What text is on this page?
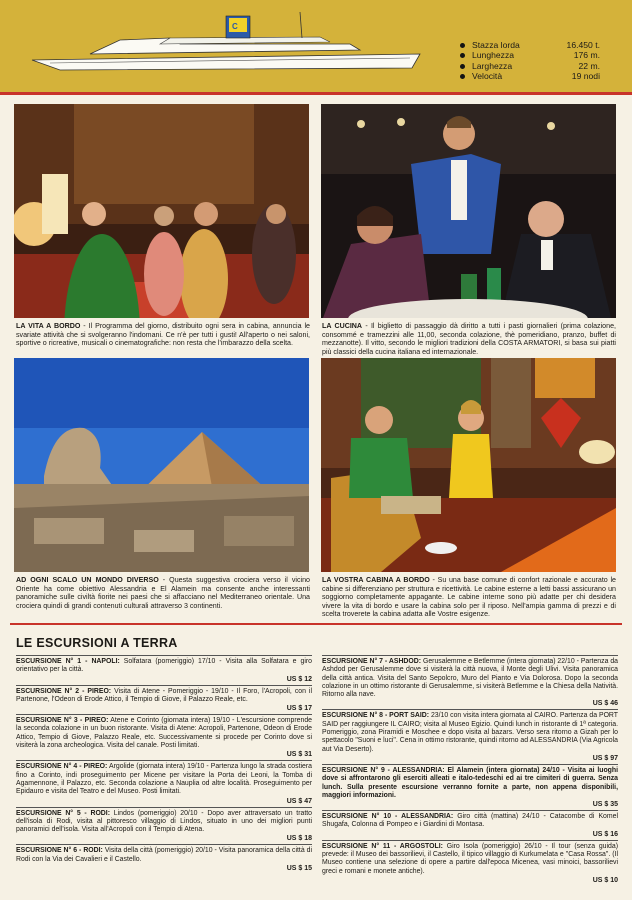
C
Stazza lorda	16.450 t.
Lunghezza	176 m.
Larghezza	22 m.
Velocità	19 nodi
LA VITA A BORDO - Il Programma del giorno, distribuito ogni sera in cabina, annuncia le svariate attività che si svolgeranno l'indomani. Ce n'è per tutti i gusti! All'aperto o nei saloni, sportive o ricreative, musicali o cinematografiche: non resta che l'imbarazzo della scelta.
LA CUCINA - Il biglietto di passaggio dà diritto a tutti i pasti giornalieri (prima colazione, consommé e tramezzini alle 11,00, seconda colazione, thè pomeridiano, pranzo, buffet di mezzanotte). Il vitto, secondo le migliori tradizioni della COSTA ARMATORI, si basa sui piatti più classici della cucina italiana ed internazionale.
AD OGNI SCALO UN MONDO DIVERSO - Questa suggestiva crociera verso il vicino Oriente ha come obiettivo Alessandria e El Alamein ma consente anche interessanti panoramiche sulle civiltà fiorite nei paesi che si affacciano nel Mediterraneo orientale. Una crociera quindi di grandi contenuti culturali attraverso 3 continenti.
LA VOSTRA CABINA A BORDO - Su una base comune di confort razionale e accurato le cabine si differenziano per struttura e ricettività. Le cabine esterne a letti bassi assicurano un soggiorno completamente appagante. Le cabine interne sono più adatte per chi desidera vivere la vita di bordo e usare la cabina solo per il riposo. Nell'ampia gamma di prezzi e di scelta troverete la cabina adatta alle Vostre esigenze.
LE ESCURSIONI A TERRA
ESCURSIONE N° 1 - NAPOLI: Solfatara (pomeriggio) 17/10 - Visita alla Solfatara e giro orientativo per la città.
US $ 12
ESCURSIONE N° 2 - PIREO: Visita di Atene - Pomeriggio - 19/10 - Il Foro, l'Acropoli, con il Partenone, l'Odeon di Erode Attico, il Tempio di Giove, il Palazzo Reale, etc.
US $ 17
ESCURSIONE N° 3 - PIREO: Atene e Corinto (giornata intera) 19/10 - L'escursione comprende la seconda colazione in un buon ristorante. Visita di Atene: Acropoli, Partenone, Odeon di Erode Attico, Tempio di Giove, Palazzo Reale, etc. Successivamente si procede per Corinto dove si visiterà la zona archeologica. Visita del canale. Posti limitati.
US $ 31
ESCURSIONE N° 4 - PIREO: Argolide (giornata intera) 19/10 - Partenza lungo la strada costiera fino a Corinto, indi proseguimento per Micene per visitare la Porta dei Leoni, la Tomba di Agamennone, il Palazzo, etc. Seconda colazione a Nauplia od altre località. Proseguimento per Epidauro e visita del Teatro e del Museo. Posti limitati.
US $ 47
ESCURSIONE N° 5 - RODI: Lindos (pomeriggio) 20/10 - Dopo aver attraversato un tratto dell'isola di Rodi, visita al pittoresco villaggio di Lindos, situato in uno dei migliori punti panoramici dell'isola. Visita all'Acropoli con il Tempio di Atena.
US $ 18
ESCURSIONE N° 6 - RODI: Visita della città (pomeriggio) 20/10 - Visita panoramica della città di Rodi con la Via dei Cavalieri e il Castello.
US $ 15
ESCURSIONE N° 7 - ASHDOD: Gerusalemme e Betlemme (intera giornata) 22/10 - Partenza da Ashdod per Gerusalemme dove si visiterà la città nuova, il Monte degli Ulivi. Visita panoramica della città antica. Visita del Santo Sepolcro, Muro del Pianto e Via Dolorosa. Dopo la seconda colazione in un ottimo ristorante di Gerusalemme, si visiterà Betlemme e la Chiesa della Natività. Ritorno alla nave.
US $ 46
ESCURSIONE N° 8 - PORT SAID: 23/10 con visita intera giornata al CAIRO. Partenza da PORT SAID per raggiungere IL CAIRO; visita al Museo Egizio. Quindi lunch in ristorante di 1ª categoria. Pomeriggio, zona Piramidi e Moschee e dopo visita al bazars. Verso sera ritorno a Gizah per lo spettacolo "Suoni e luci". Cena in ottimo ristorante, quindi ritorno ad ALESSANDRIA (Via Agricola aut Via Deserto).
US $ 97
ESCURSIONE N° 9 - ALESSANDRIA: El Alamein (intera giornata) 24/10 - Visita ai luoghi dove si affrontarono gli eserciti alleati e italo-tedeschi ed ai tre cimiteri di guerra. Senza lunch. Sulla presente escursione verranno fornite a parte, non appena disponibili, maggiori informazioni.
US $ 35
ESCURSIONE N° 10 - ALESSANDRIA: Giro città (mattina) 24/10 - Catacombe di Komel Shugafa, Colonna di Pompeo e i Giardini di Montasa.
US $ 16
ESCURSIONE N° 11 - ARGOSTOLI: Giro Isola (pomeriggio) 26/10 - Il tour (senza guida) prevede: il Museo dei bassorilievi, il Castello, il tipico villaggio di Kurkumelata e "Casa Rossa". (Il Museo contiene una selezione di opere a partire dall'epoca Micenea, vasi minoici, bassorilievi greci e romani e monete antiche).
US $ 10
